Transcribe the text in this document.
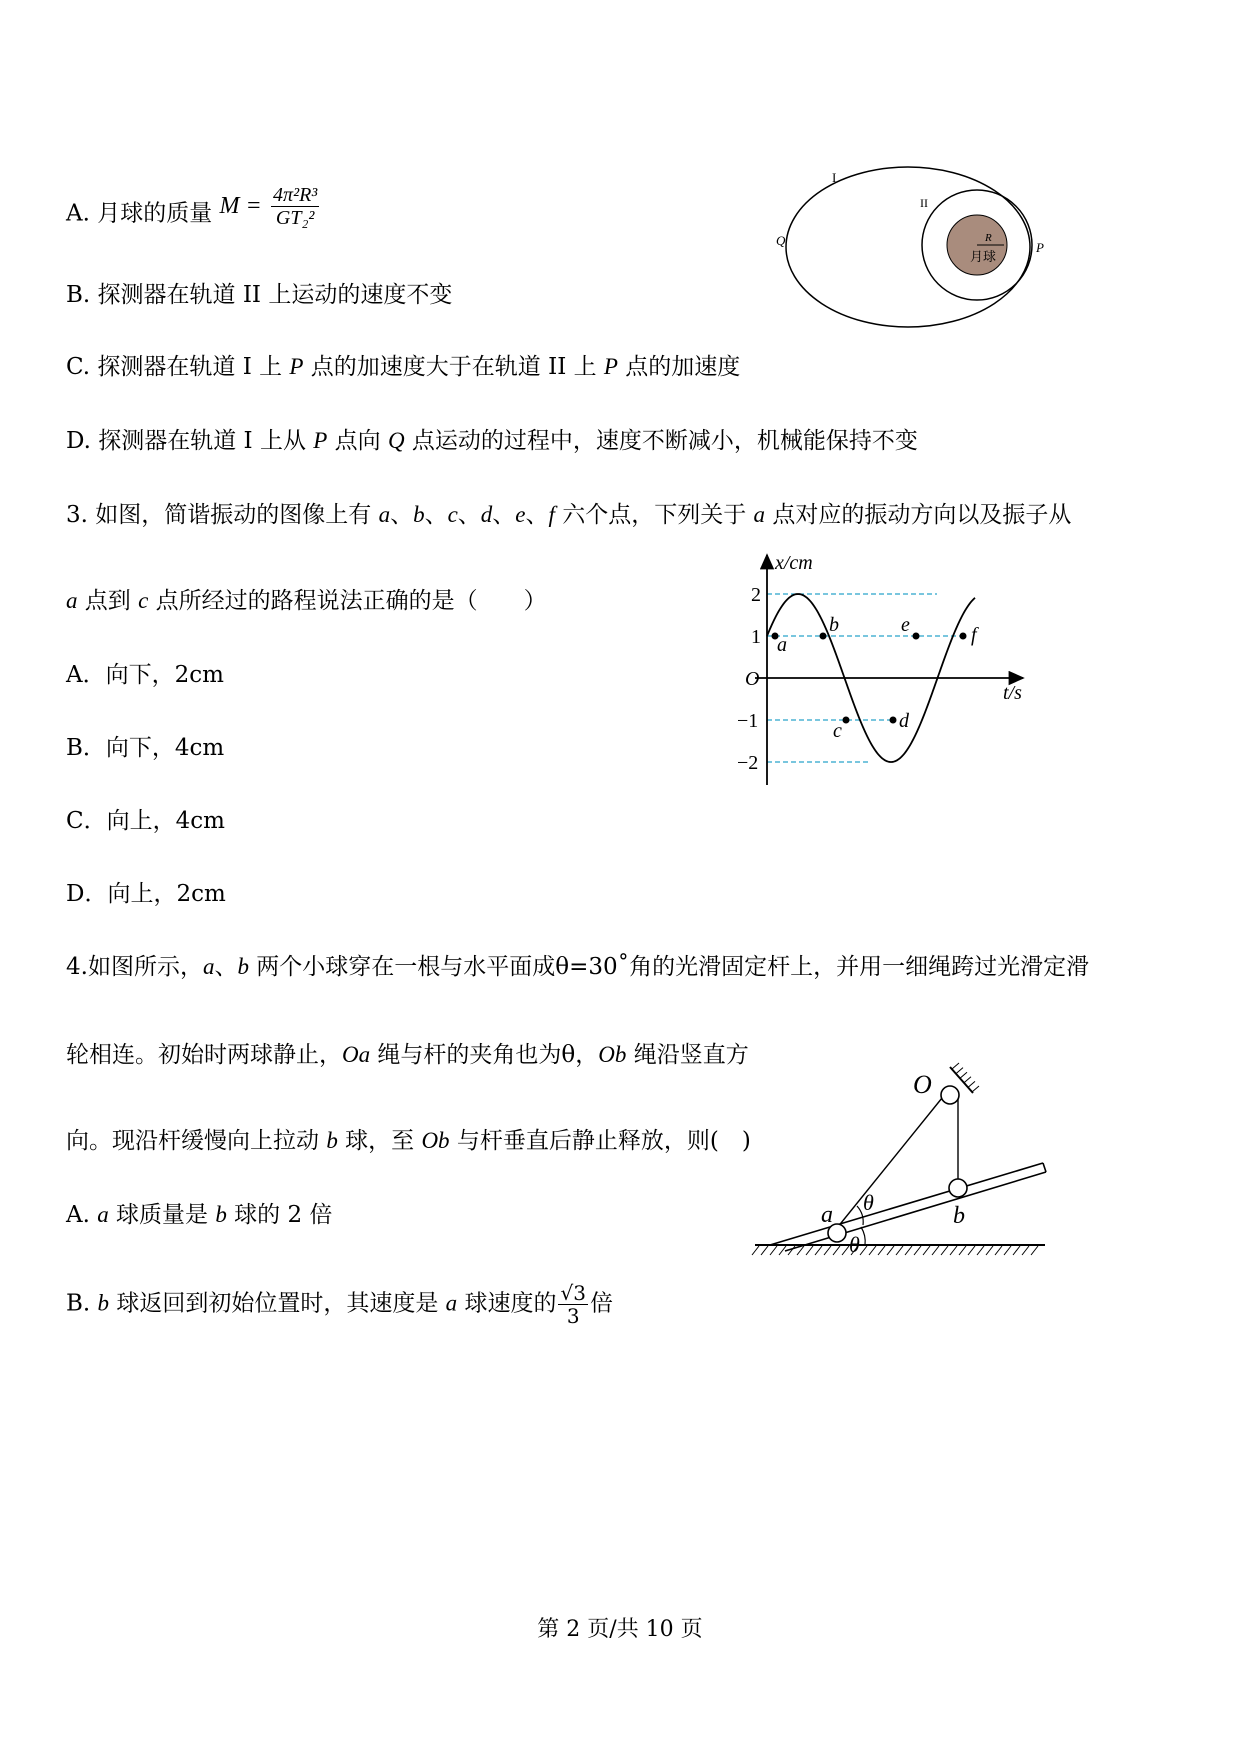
A. 月球的质量 $M = \frac{\text{4π²R³}}{\text{GT₂²}}$
B. 探测器在轨道 II 上运动的速度不变
C. 探测器在轨道 I 上 P 点的加速度大于在轨道 II 上 P 点的加速度
D. 探测器在轨道 I 上从 P 点向 Q 点运动的过程中，速度不断减小，机械能保持不变
I
II
Q	P
R
月球
3. 如图，简谐振动的图像上有 a、b、c、d、e、f 六个点，下列关于 a 点对应的振动方向以及振子从
a 点到 c 点所经过的路程说法正确的是（　　）
A．向下，2cm
B．向下，4cm
C．向上，4cm
D．向上，2cm
x/cm
t/s
O
2
1
−1
−2
a
b
c	d
e	f
4.如图所示，a、b 两个小球穿在一根与水平面成θ=30˚角的光滑固定杆上，并用一细绳跨过光滑定滑
轮相连。初始时两球静止，Oa 绳与杆的夹角也为θ，Ob 绳沿竖直方
向。现沿杆缓慢向上拉动 b 球，至 Ob 与杆垂直后静止释放，则(　)
A. a 球质量是 b 球的 2 倍
B. b 球返回到初始位置时，其速度是 a 球速度的 $\frac{√3}{3}$ 倍
O
a	b
θ
θ
第 2 页/共 10 页
